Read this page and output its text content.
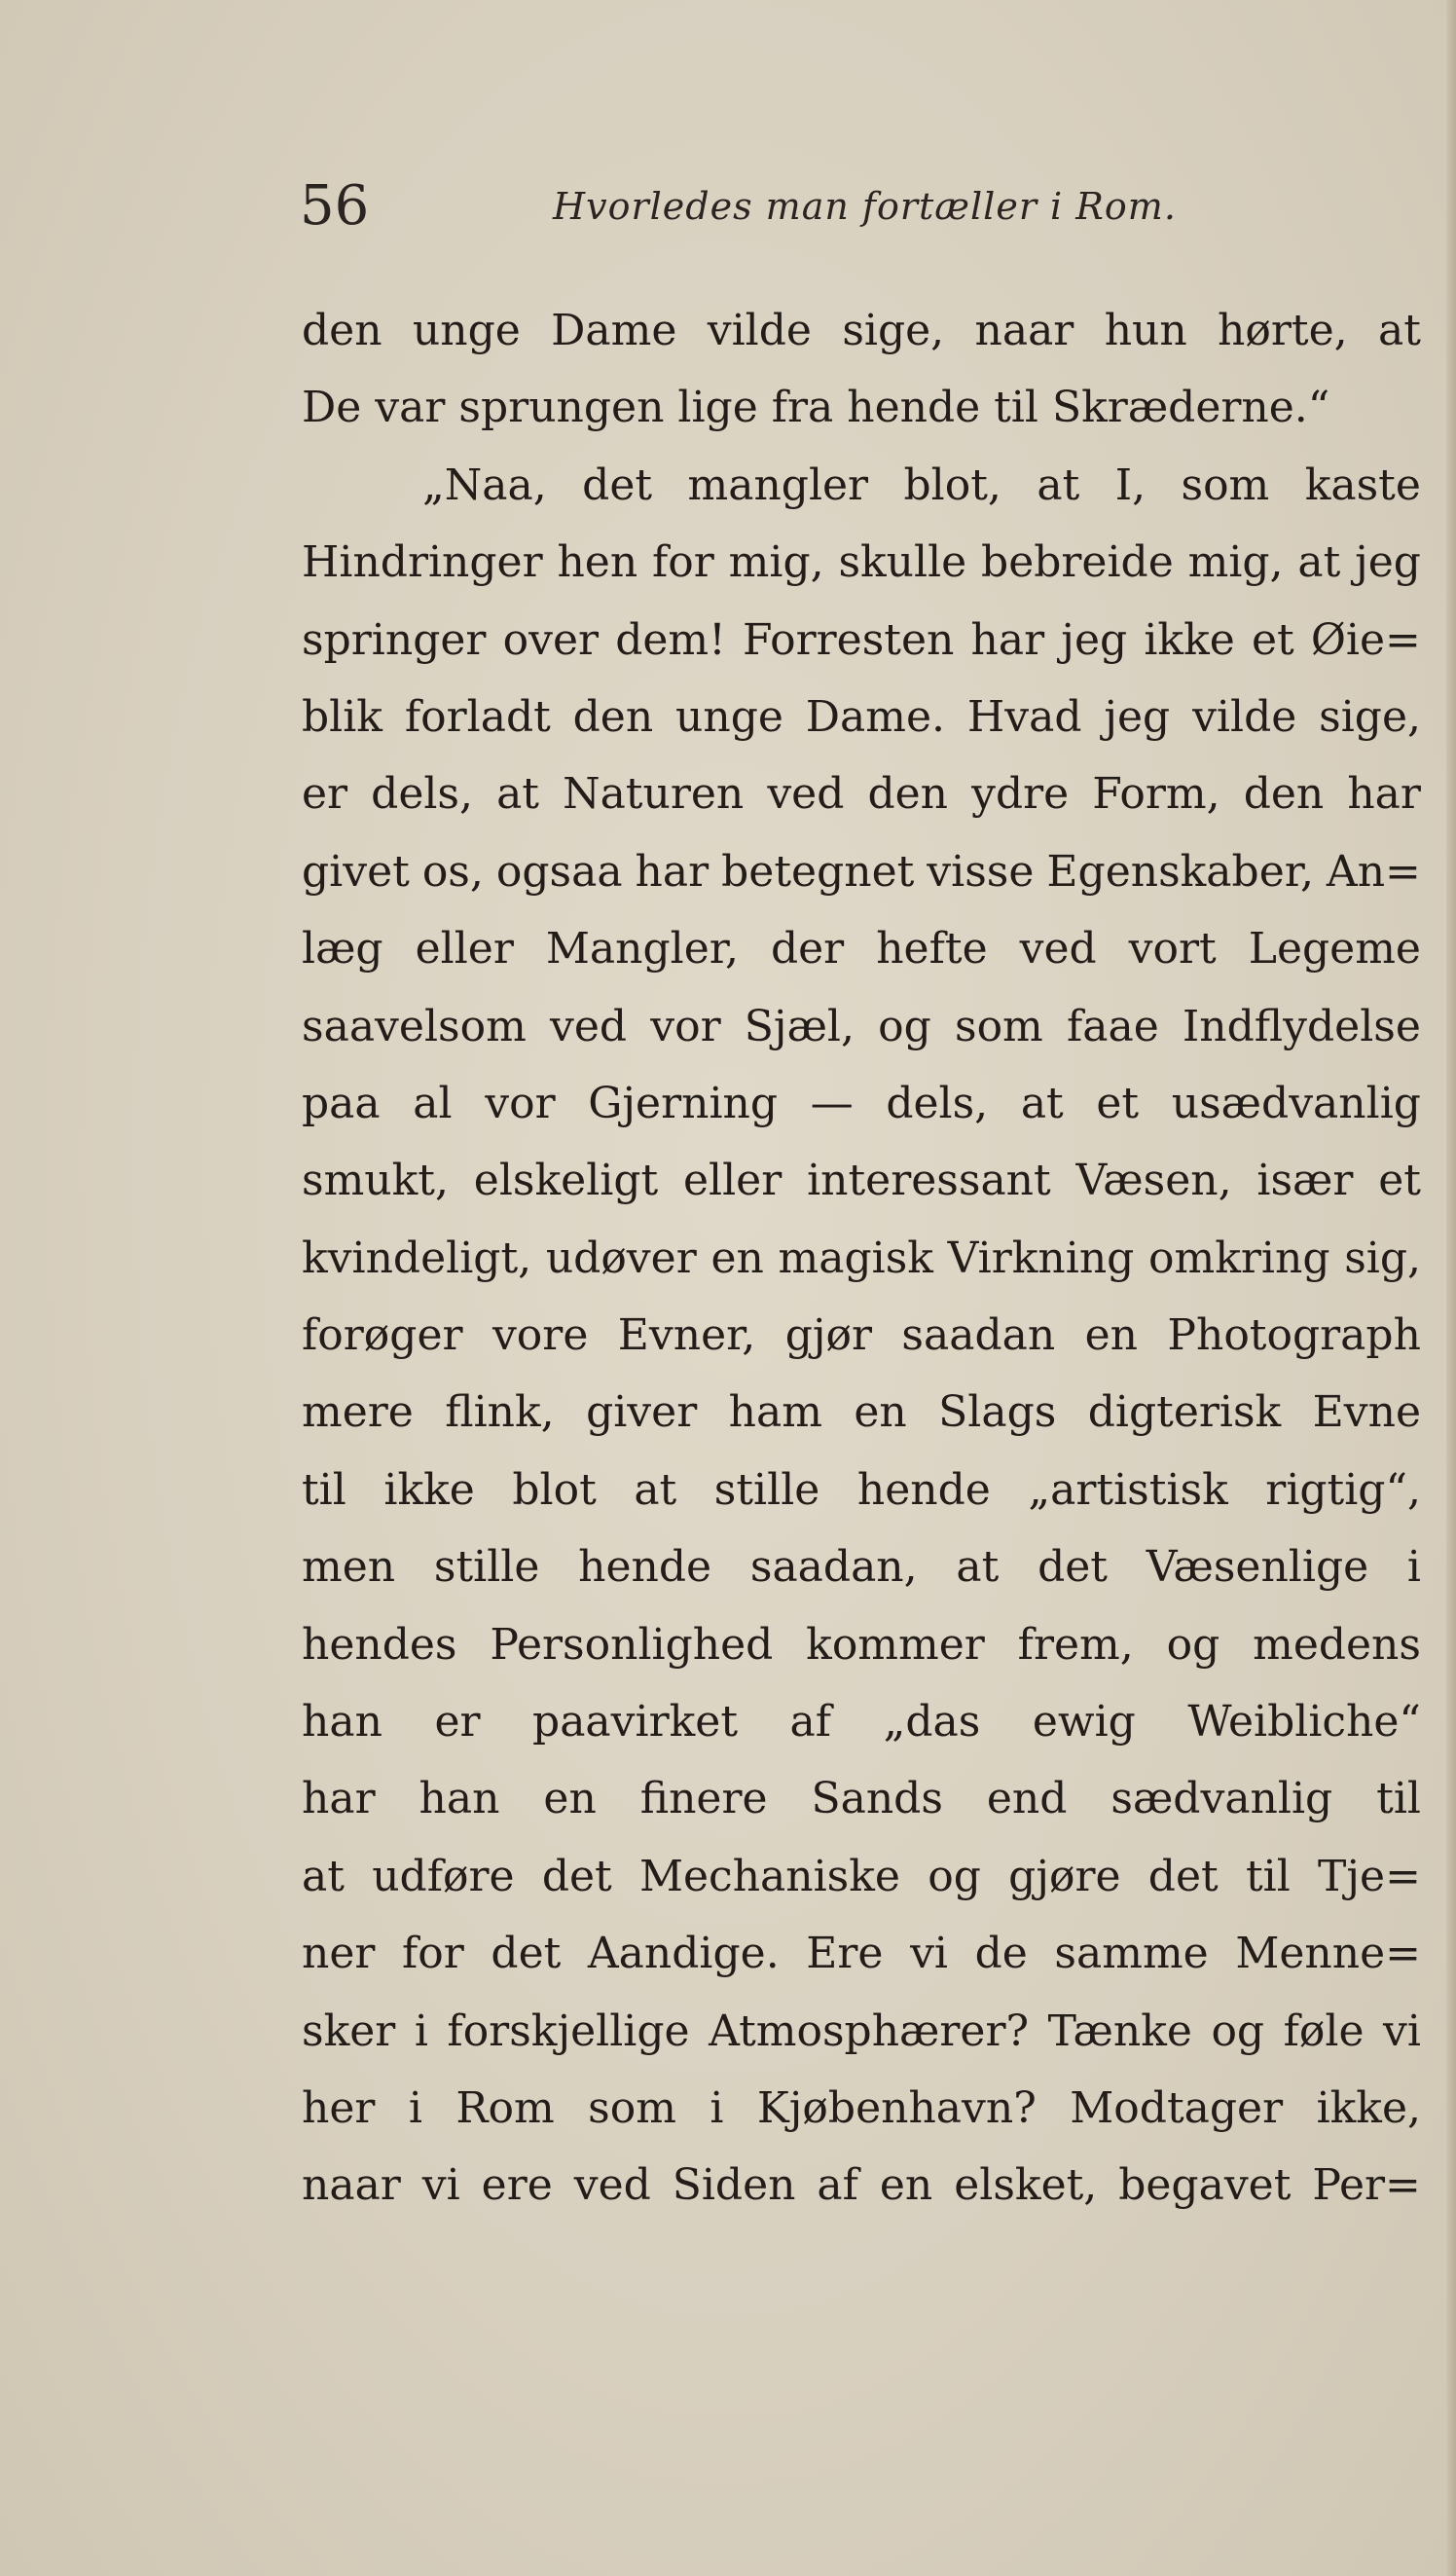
56	Hvorledes man fortæller i Rom.
den unge Dame vilde sige, naar hun hørte, at
De var sprungen lige fra hende til Skræderne.“
„Naa, det mangler blot, at I, som kaste
Hindringer hen for mig, skulle bebreide mig, at jeg
springer over dem! Forresten har jeg ikke et Øie=
blik forladt den unge Dame. Hvad jeg vilde sige,
er dels, at Naturen ved den ydre Form, den har
givet os, ogsaa har betegnet visse Egenskaber, An=
læg eller Mangler, der hefte ved vort Legeme
saavelsom ved vor Sjæl, og som faae Indflydelse
paa al vor Gjerning — dels, at et usædvanlig
smukt, elskeligt eller interessant Væsen, især et
kvindeligt, udøver en magisk Virkning omkring sig,
forøger vore Evner, gjør saadan en Photograph
mere flink, giver ham en Slags digterisk Evne
til ikke blot at stille hende „artistisk rigtig“,
men stille hende saadan, at det Væsenlige i
hendes Personlighed kommer frem, og medens
han er paavirket af „das ewig Weibliche“
har han en finere Sands end sædvanlig til
at udføre det Mechaniske og gjøre det til Tje=
ner for det Aandige. Ere vi de samme Menne=
sker i forskjellige Atmosphærer? Tænke og føle vi
her i Rom som i Kjøbenhavn? Modtager ikke,
naar vi ere ved Siden af en elsket, begavet Per=
